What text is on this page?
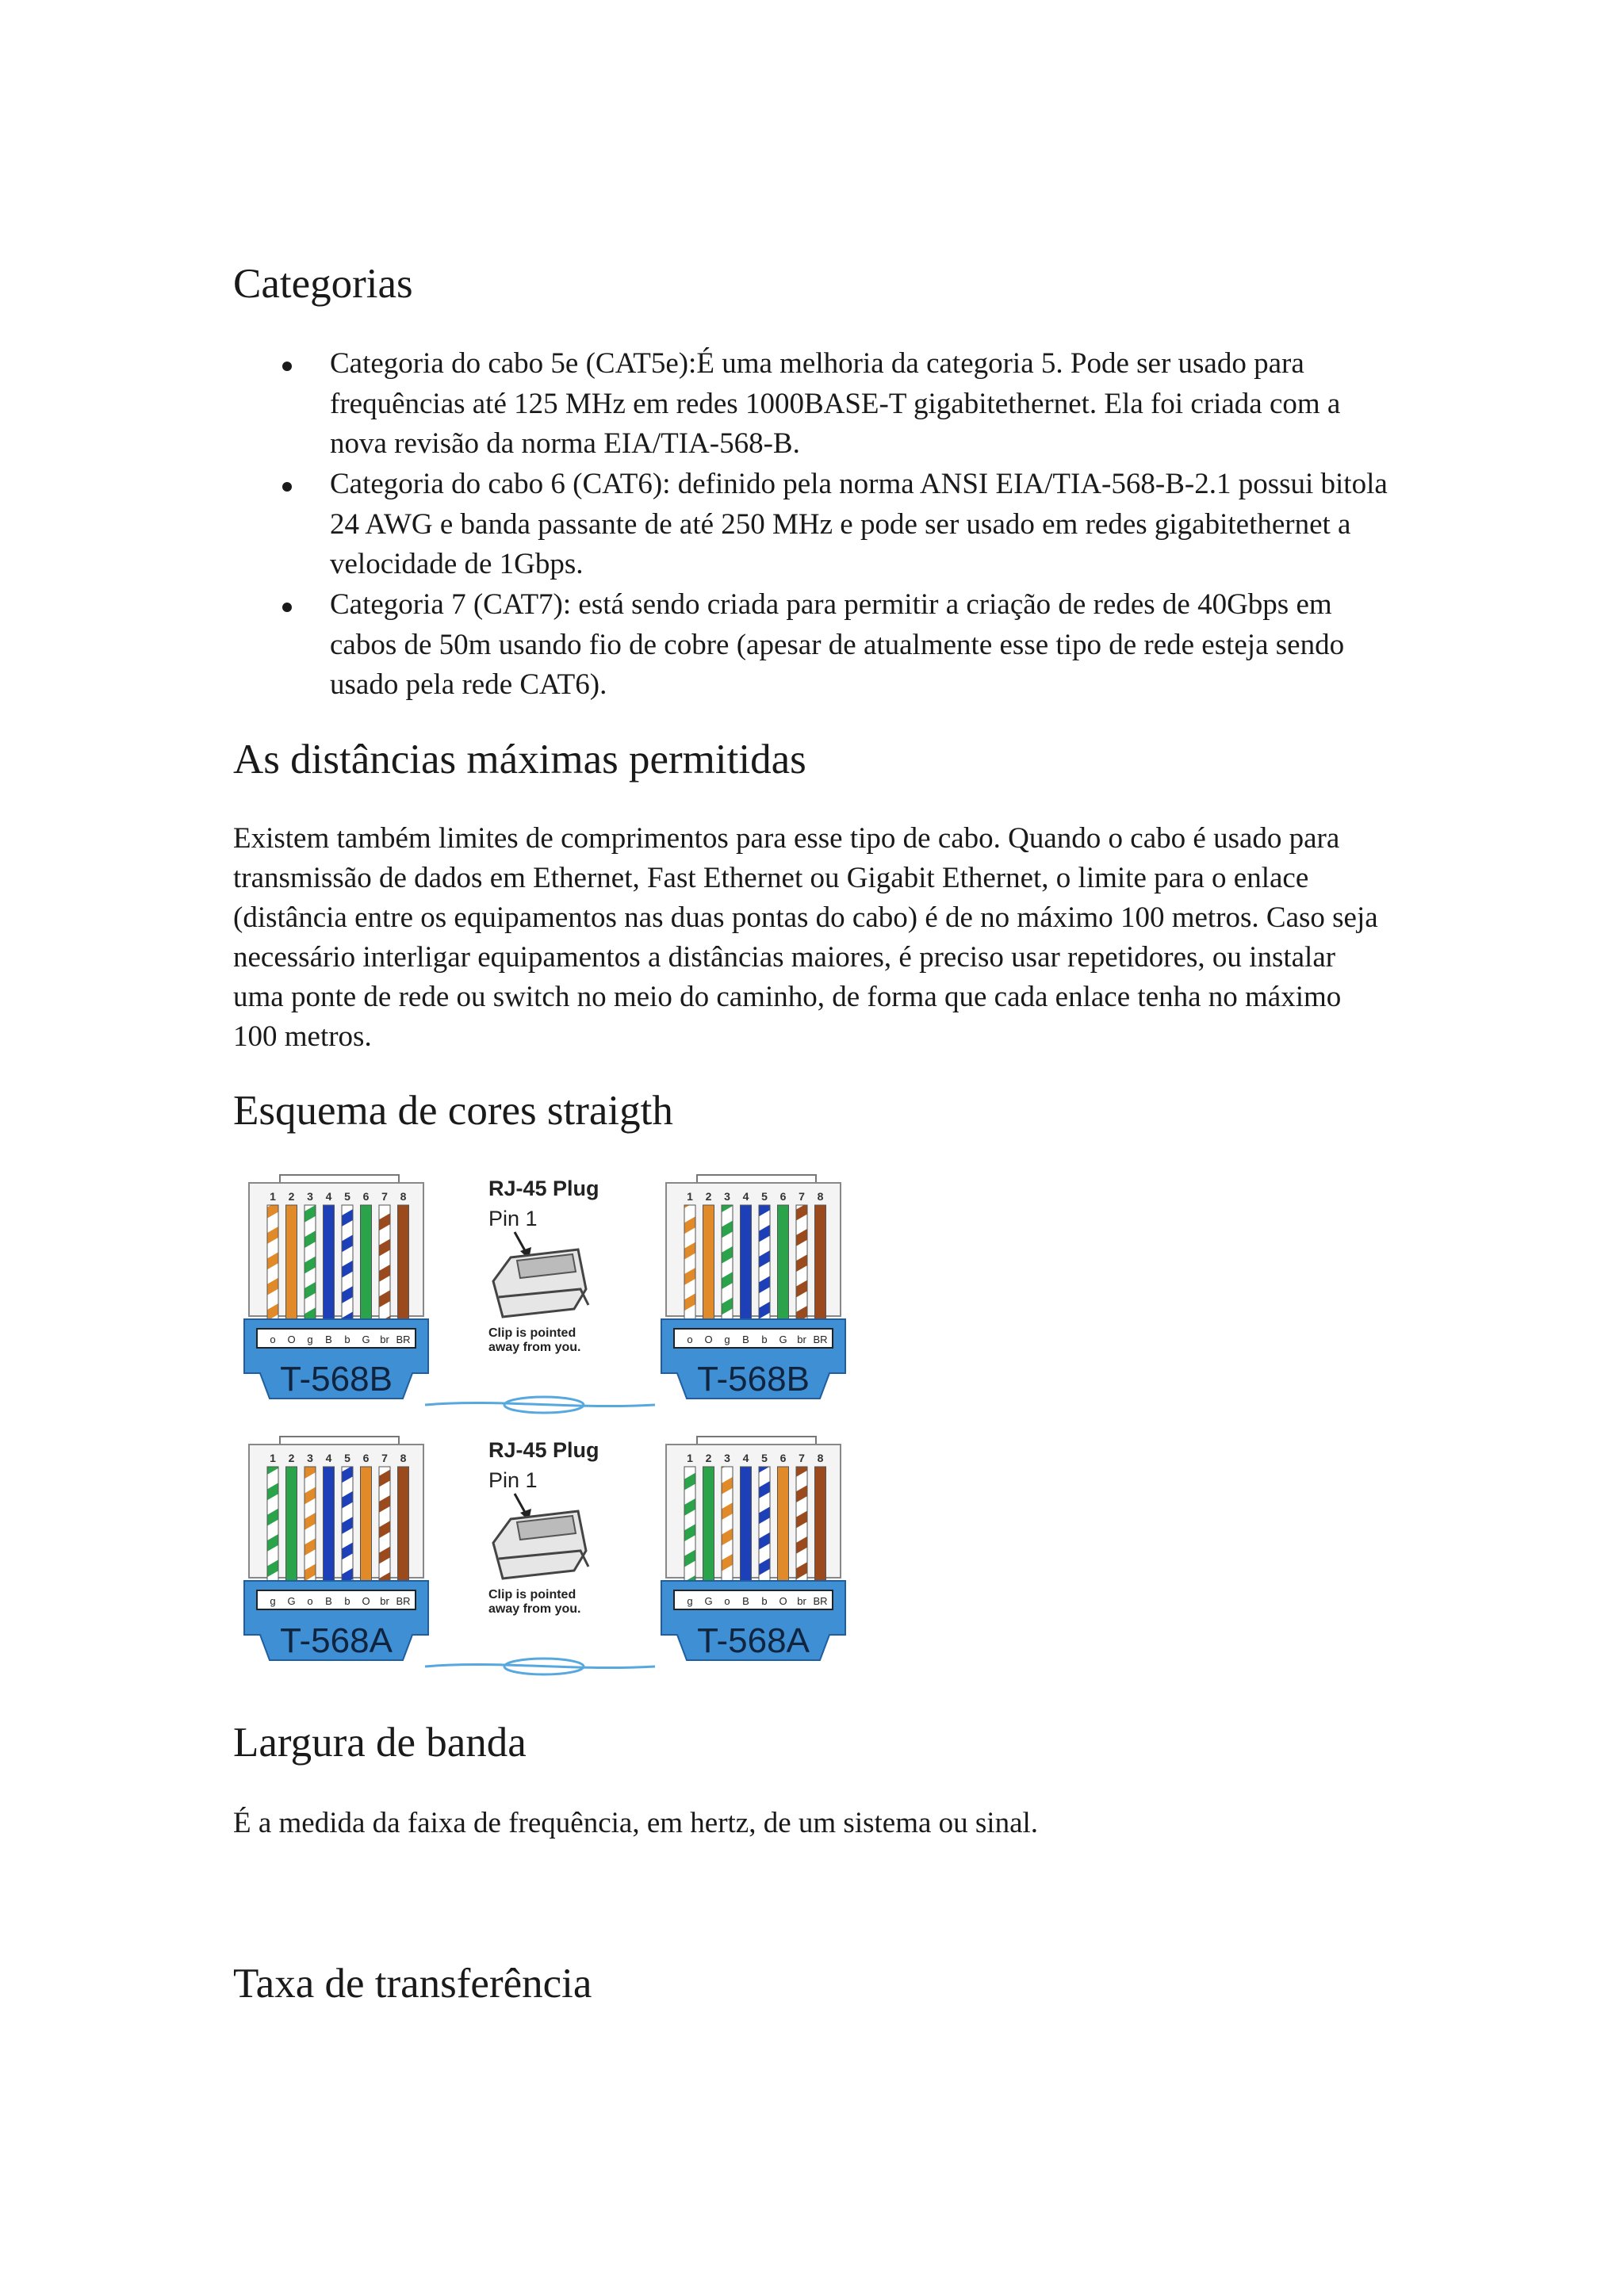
Categorias
Categoria do cabo 5e (CAT5e):É uma melhoria da categoria 5. Pode ser usado para frequências até 125 MHz em redes 1000BASE-T gigabitethernet. Ela foi criada com a nova revisão da norma EIA/TIA-568-B.
Categoria do cabo 6 (CAT6): definido pela norma ANSI EIA/TIA-568-B-2.1 possui bitola 24 AWG e banda passante de até 250 MHz e pode ser usado em redes gigabitethernet a velocidade de 1Gbps.
Categoria 7 (CAT7): está sendo criada para permitir a criação de redes de 40Gbps em cabos de 50m usando fio de cobre (apesar de atualmente esse tipo de rede esteja sendo usado pela rede CAT6).
As distâncias máximas permitidas

Existem também limites de comprimentos para esse tipo de cabo. Quando o cabo é usado para transmissão de dados em Ethernet, Fast Ethernet ou Gigabit Ethernet, o limite para o enlace (distância entre os equipamentos nas duas pontas do cabo) é de no máximo 100 metros. Caso seja necessário interligar equipamentos a distâncias maiores, é preciso usar repetidores, ou instalar uma ponte de rede ou switch no meio do caminho, de forma que cada enlace tenha no máximo 100 metros.

Esquema de cores straigth
1 2 3 4 5 6 7 8
o O g B b G br BR
T-568B
1 2 3 4 5 6 7 8
o O g B b G br BR
T-568B
RJ-45 Plug
Pin 1
Clip is pointed
away from you.
1 2 3 4 5 6 7 8
g G o B b O br BR
T-568A
1 2 3 4 5 6 7 8
g G o B b O br BR
T-568A
RJ-45 Plug
Pin 1
Clip is pointed
away from you.
Largura de banda

É a medida da faixa de frequência, em hertz, de um sistema ou sinal.

Taxa de transferência
